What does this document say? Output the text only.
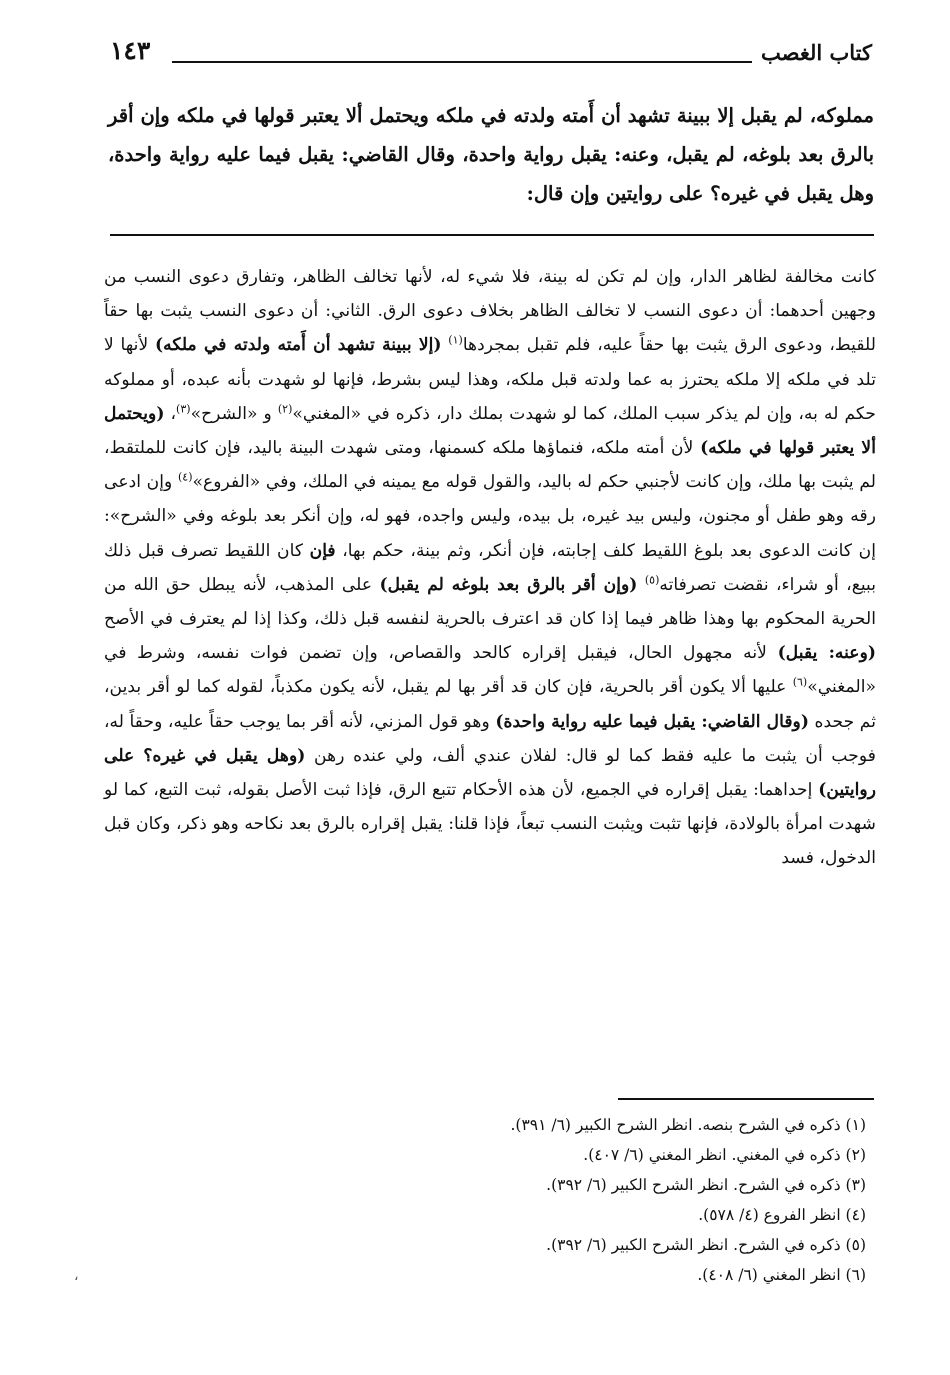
كتاب الغصب
١٤٣
مملوكه، لم يقبل إلا ببينة تشهد أن أَمته ولدته في ملكه ويحتمل ألا يعتبر قولها في ملكه وإن أقر بالرق بعد بلوغه، لم يقبل، وعنه: يقبل رواية واحدة، وقال القاضي: يقبل فيما عليه رواية واحدة، وهل يقبل في غيره؟ على روايتين وإن قال:

كانت مخالفة لظاهر الدار، وإن لم تكن له بينة، فلا شيء له، لأنها تخالف الظاهر، وتفارق دعوى النسب من وجهين أحدهما: أن دعوى النسب لا تخالف الظاهر بخلاف دعوى الرق. الثاني: أن دعوى النسب يثبت بها حقاً للقيط، ودعوى الرق يثبت بها حقاً عليه، فلم تقبل بمجردها$^{(١)}$ (إلا ببينة تشهد أن أَمته ولدته في ملكه) لأنها لا تلد في ملكه إلا ملكه يحترز به عما ولدته قبل ملكه، وهذا ليس بشرط، فإنها لو شهدت بأنه عبده، أو مملوكه حكم له به، وإن لم يذكر سبب الملك، كما لو شهدت بملك دار، ذكره في «المغني»$^{(٢)}$ و «الشرح»$^{(٣)}$، (ويحتمل ألا يعتبر قولها في ملكه) لأن أمته ملكه، فنماؤها ملكه كسمنها، ومتى شهدت البينة باليد، فإن كانت للملتقط، لم يثبت بها ملك، وإن كانت لأجنبي حكم له باليد، والقول قوله مع يمينه في الملك، وفي «الفروع»$^{(٤)}$ وإن ادعى رقه وهو طفل أو مجنون، وليس بيد غيره، بل بيده، وليس واجده، فهو له، وإن أنكر بعد بلوغه وفي «الشرح»: إن كانت الدعوى بعد بلوغ اللقيط كلف إجابته، فإن أنكر، وثم بينة، حكم بها، فإن كان اللقيط تصرف قبل ذلك ببيع، أو شراء، نقضت تصرفاته$^{(٥)}$ (وإن أقر بالرق بعد بلوغه لم يقبل) على المذهب، لأنه يبطل حق الله من الحرية المحكوم بها وهذا ظاهر فيما إذا كان قد اعترف بالحرية لنفسه قبل ذلك، وكذا إذا لم يعترف في الأصح (وعنه: يقبل) لأنه مجهول الحال، فيقبل إقراره كالحد والقصاص، وإن تضمن فوات نفسه، وشرط في «المغني»$^{(٦)}$ عليها ألا يكون أقر بالحرية، فإن كان قد أقر بها لم يقبل، لأنه يكون مكذباً، لقوله كما لو أقر بدين، ثم جحده (وقال القاضي: يقبل فيما عليه رواية واحدة) وهو قول المزني، لأنه أقر بما يوجب حقاً عليه، وحقاً له، فوجب أن يثبت ما عليه فقط كما لو قال: لفلان عندي ألف، ولي عنده رهن (وهل يقبل في غيره؟ على روايتين) إحداهما: يقبل إقراره في الجميع، لأن هذه الأحكام تتبع الرق، فإذا ثبت الأصل بقوله، ثبت التبع، كما لو شهدت امرأة بالولادة، فإنها تثبت ويثبت النسب تبعاً، فإذا قلنا: يقبل إقراره بالرق بعد نكاحه وهو ذكر، وكان قبل الدخول، فسد

(١) ذكره في الشرح بنصه. انظر الشرح الكبير (٦/ ٣٩١).
(٢) ذكره في المغني. انظر المغني (٦/ ٤٠٧).
(٣) ذكره في الشرح. انظر الشرح الكبير (٦/ ٣٩٢).
(٤) انظر الفروع (٤/ ٥٧٨).
(٥) ذكره في الشرح. انظر الشرح الكبير (٦/ ٣٩٢).
(٦) انظر المغني (٦/ ٤٠٨).
،
